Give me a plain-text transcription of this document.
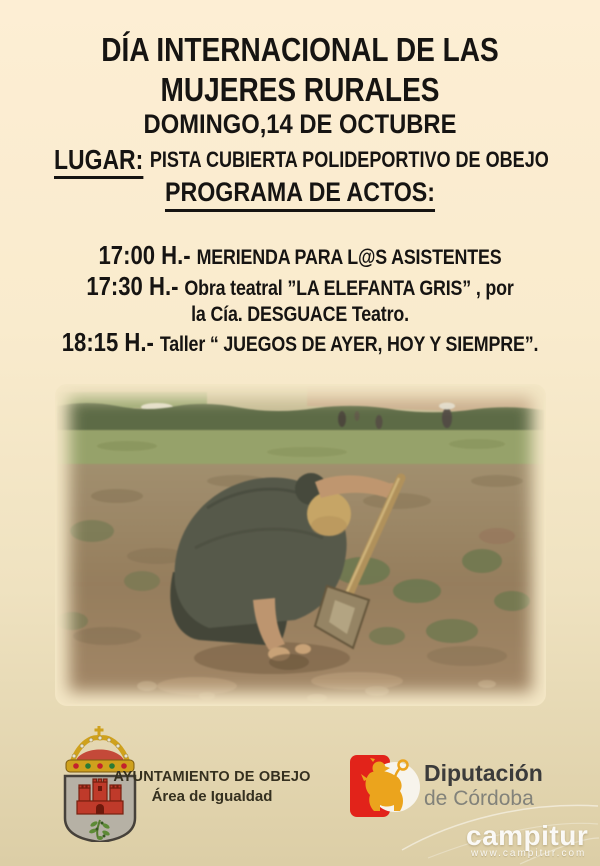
DÍA INTERNACIONAL DE LAS
MUJERES RURALES
DOMINGO,14 DE OCTUBRE
LUGAR: PISTA CUBIERTA POLIDEPORTIVO DE OBEJO
PROGRAMA DE ACTOS:
17:00 H.- MERIENDA PARA L@S ASISTENTES
17:30 H.- Obra teatral ”LA ELEFANTA GRIS” , por
la Cía. DESGUACE Teatro.
18:15 H.- Taller “ JUEGOS DE AYER, HOY Y SIEMPRE”.
AYUNTAMIENTO DE OBEJO
Área de Igualdad
Diputación
de Córdoba
campitur
www.campitur.com
